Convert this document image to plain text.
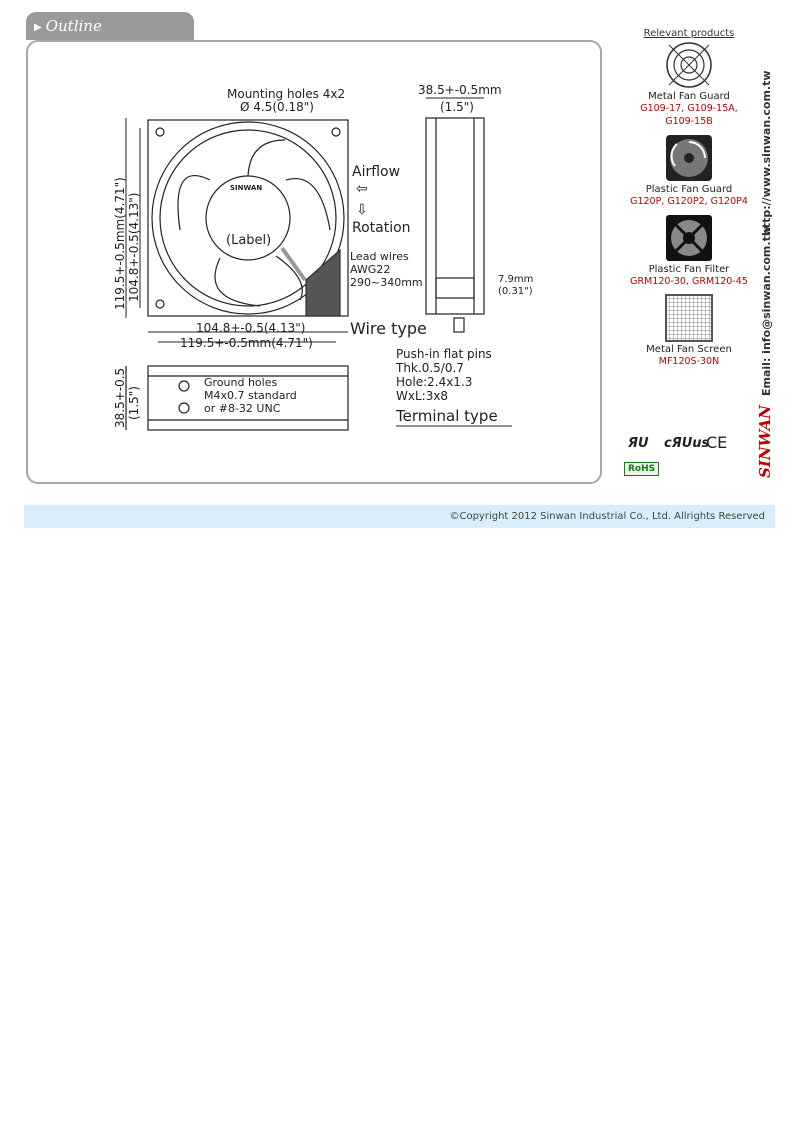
▶ Outline
Mounting holes 4x2
Ø 4.5(0.18")
SINWAN
(Label)
Airflow
⇦
⇩
Rotation
Lead wires
AWG22
290~340mm
Wire type
104.8+-0.5(4.13")
119.5+-0.5mm(4.71")
119.5+-0.5mm(4.71") 104.8+-0.5(4.13")
38.5+-0.5mm
(1.5")
7.9mm
(0.31")
Push-in flat pins
Thk.0.5/0.7
Hole:2.4x1.3
WxL:3x8
Terminal type
Ground holes
M4x0.7 standard
or #8-32 UNC
38.5+-0.5 (1.5")
Relevant products
Metal Fan Guard
G109-17, G109-15A,
G109-15B
Plastic Fan Guard
G120P, G120P2, G120P4
Plastic Fan Filter
GRM120-30, GRM120-45
Metal Fan Screen
MF120S-30N
ЯU cЯUus
CE
RoHS
http://www.sinwan.com.tw
Email: info@sinwan.com.tw
SINWAN
©Copyright 2012 Sinwan Industrial Co., Ltd. Allrights Reserved
